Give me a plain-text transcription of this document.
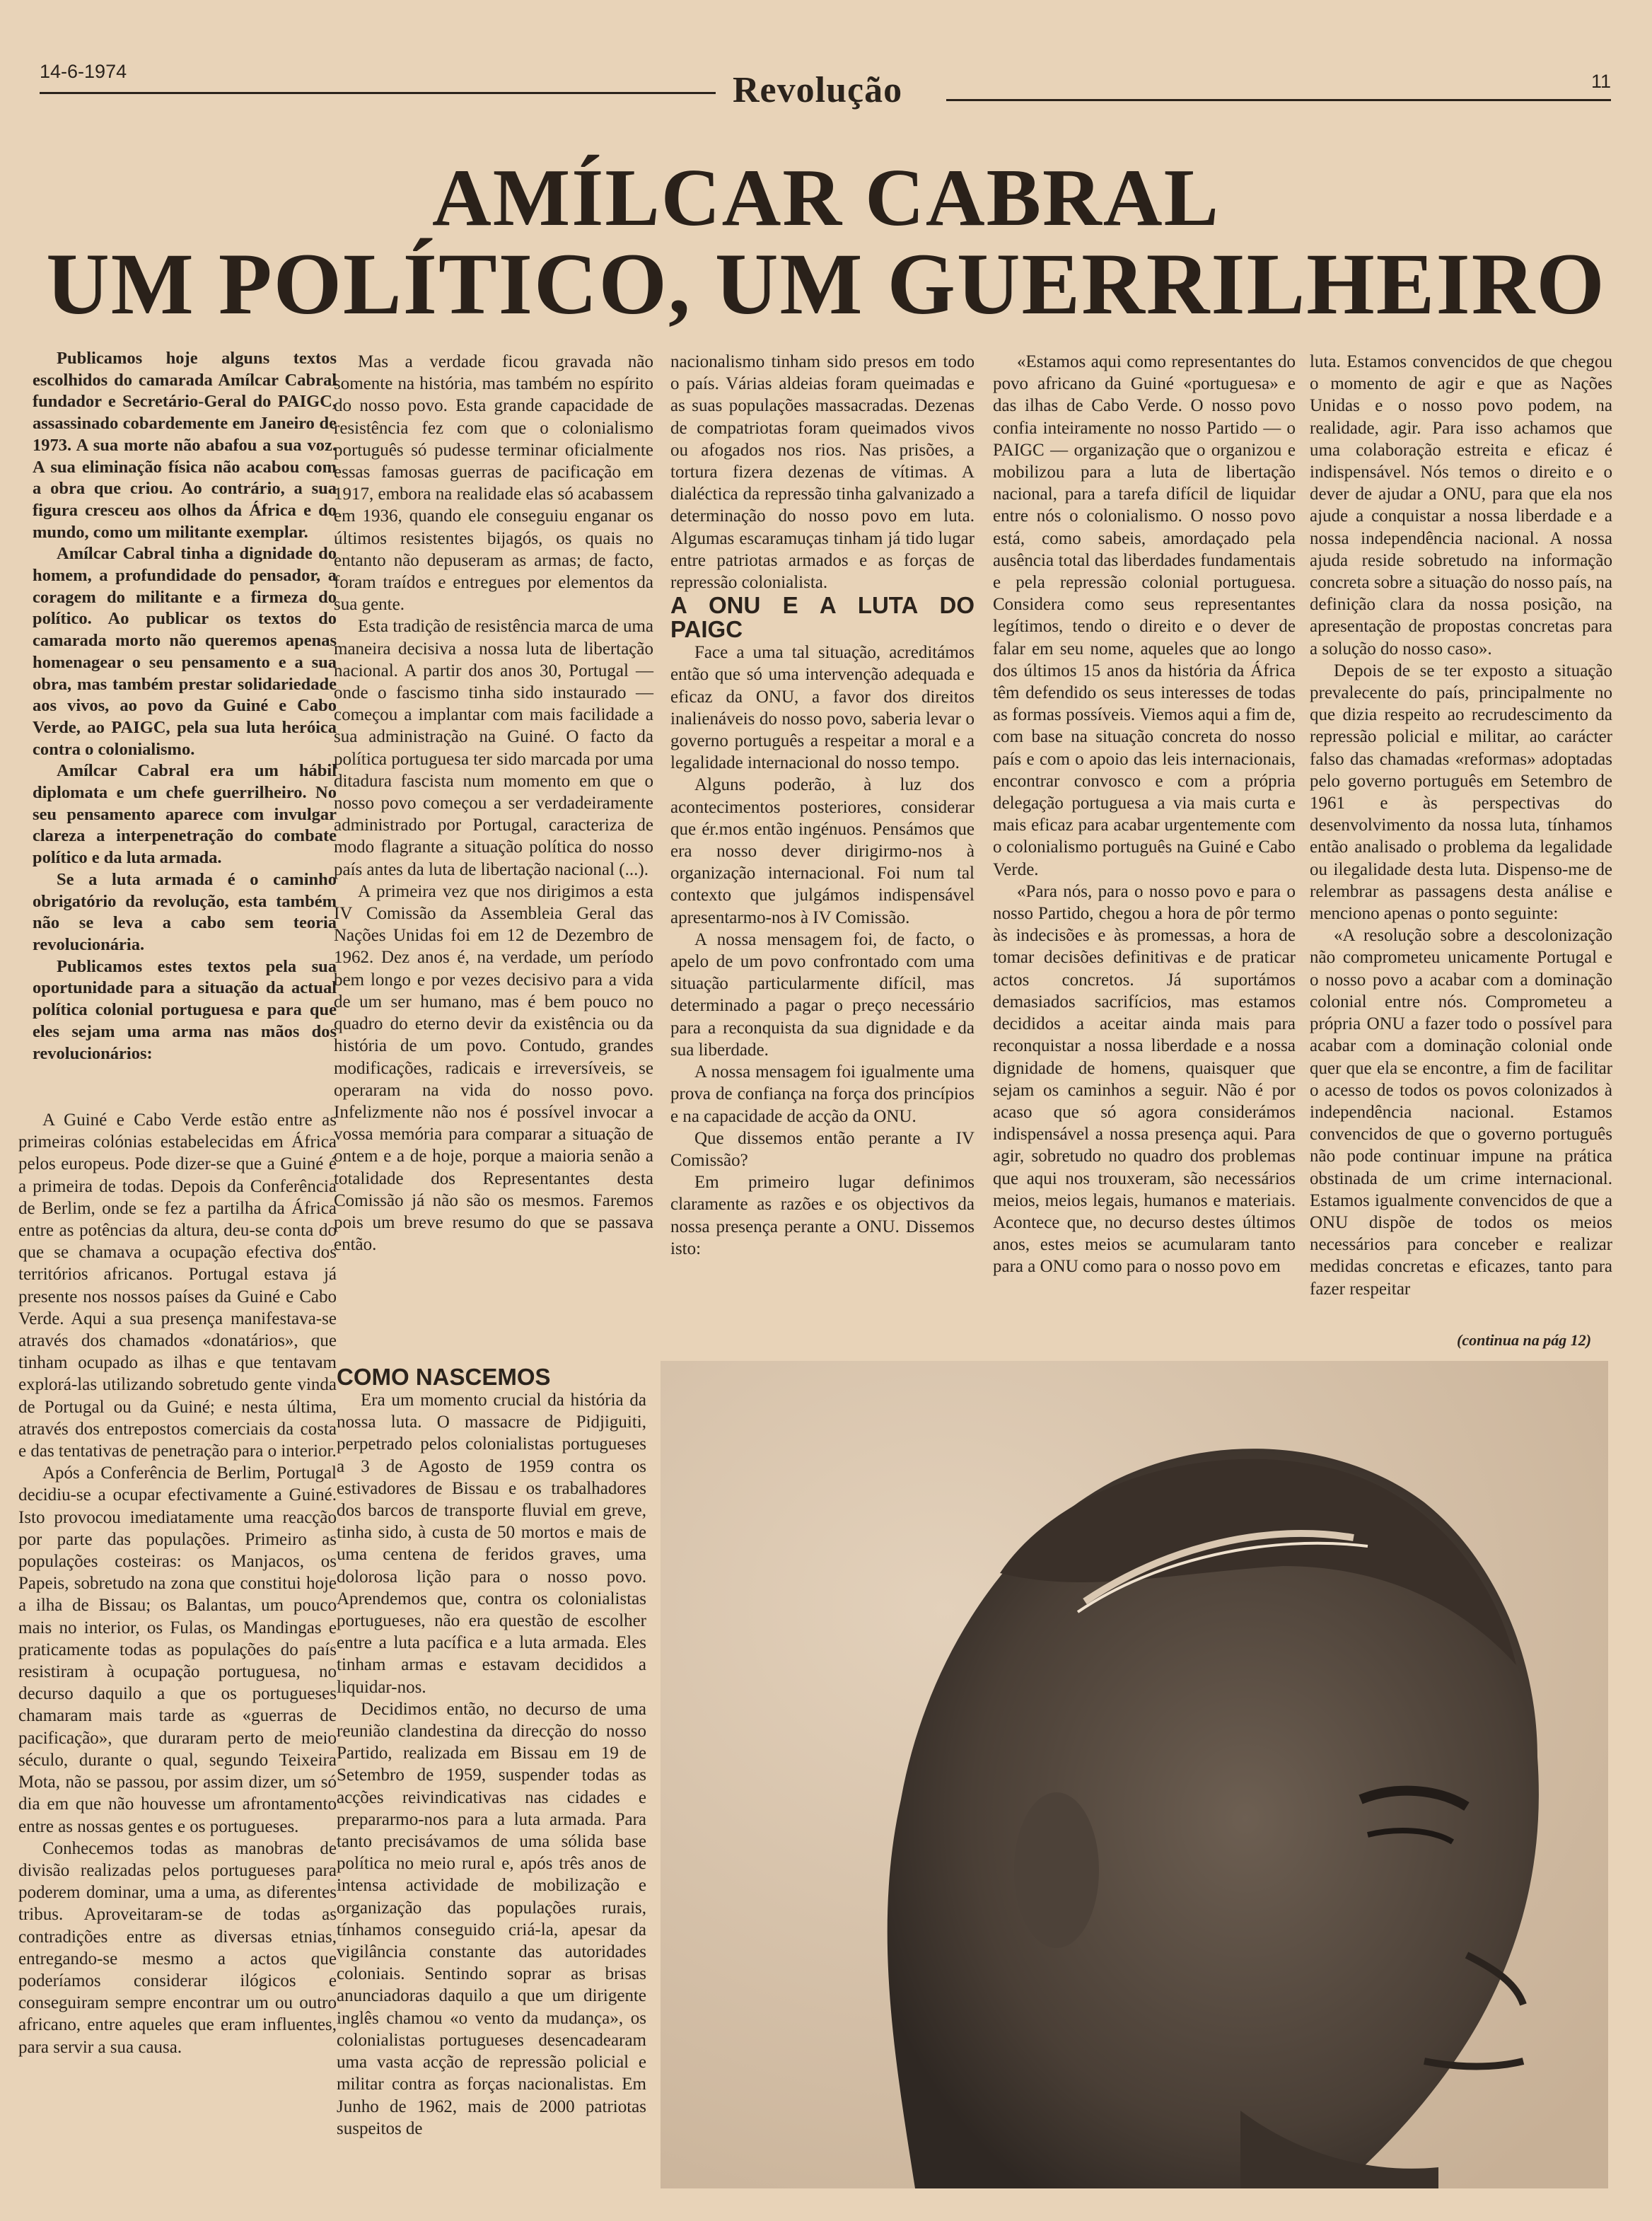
14-6-1974	Revolução	11
AMÍLCAR CABRAL
UM POLÍTICO, UM GUERRILHEIRO

Publicamos hoje alguns textos escolhidos do camarada Amílcar Cabral fundador e Secretário-Geral do PAIGC, assassinado cobardemente em Janeiro de 1973. A sua morte não abafou a sua voz. A sua eliminação física não acabou com a obra que criou. Ao contrário, a sua figura cresceu aos olhos da África e do mundo, como um militante exemplar.

Amílcar Cabral tinha a dignidade do homem, a profundidade do pensador, a coragem do militante e a firmeza do político. Ao publicar os textos do camarada morto não queremos apenas homenagear o seu pensamento e a sua obra, mas também prestar solidariedade aos vivos, ao povo da Guiné e Cabo Verde, ao PAIGC, pela sua luta heróica contra o colonialismo.

Amílcar Cabral era um hábil diplomata e um chefe guerrilheiro. No seu pensamento aparece com invulgar clareza a interpenetração do combate político e da luta armada.

Se a luta armada é o caminho obrigatório da revolução, esta também não se leva a cabo sem teoria revolucionária.

Publicamos estes textos pela sua oportunidade para a situação da actual política colonial portuguesa e para que eles sejam uma arma nas mãos dos revolucionários:

A Guiné e Cabo Verde estão entre as primeiras colónias estabelecidas em África pelos europeus. Pode dizer-se que a Guiné é a primeira de todas. Depois da Conferência de Berlim, onde se fez a partilha da África entre as potências da altura, deu-se conta do que se chamava a ocupação efectiva dos territórios africanos. Portugal estava já presente nos nossos países da Guiné e Cabo Verde. Aqui a sua presença manifestava-se através dos chamados «donatários», que tinham ocupado as ilhas e que tentavam explorá-las utilizando sobretudo gente vinda de Portugal ou da Guiné; e nesta última, através dos entrepostos comerciais da costa e das tentativas de penetração para o interior.

Após a Conferência de Berlim, Portugal decidiu-se a ocupar efectivamente a Guiné. Isto provocou imediatamente uma reacção por parte das populações. Primeiro as populações costeiras: os Manjacos, os Papeis, sobretudo na zona que constitui hoje a ilha de Bissau; os Balantas, um pouco mais no interior, os Fulas, os Mandingas e praticamente todas as populações do país resistiram à ocupação portuguesa, no decurso daquilo a que os portugueses chamaram mais tarde as «guerras de pacificação», que duraram perto de meio século, durante o qual, segundo Teixeira Mota, não se passou, por assim dizer, um só dia em que não houvesse um afrontamento entre as nossas gentes e os portugueses.

Conhecemos todas as manobras de divisão realizadas pelos portugueses para poderem dominar, uma a uma, as diferentes tribus. Aproveitaram-se de todas as contradições entre as diversas etnias, entregando-se mesmo a actos que poderíamos considerar ilógicos e conseguiram sempre encontrar um ou outro africano, entre aqueles que eram influentes, para servir a sua causa.

Mas a verdade ficou gravada não somente na história, mas também no espírito do nosso povo. Esta grande capacidade de resistência fez com que o colonialismo português só pudesse terminar oficialmente essas famosas guerras de pacificação em 1917, embora na realidade elas só acabassem em 1936, quando ele conseguiu enganar os últimos resistentes bijagós, os quais no entanto não depuseram as armas; de facto, foram traídos e entregues por elementos da sua gente.

Esta tradição de resistência marca de uma maneira decisiva a nossa luta de libertação nacional. A partir dos anos 30, Portugal — onde o fascismo tinha sido instaurado — começou a implantar com mais facilidade a sua administração na Guiné. O facto da política portuguesa ter sido marcada por uma ditadura fascista num momento em que o nosso povo começou a ser verdadeiramente administrado por Portugal, caracteriza de modo flagrante a situação política do nosso país antes da luta de libertação nacional (...).

A primeira vez que nos dirigimos a esta IV Comissão da Assembleia Geral das Nações Unidas foi em 12 de Dezembro de 1962. Dez anos é, na verdade, um período bem longo e por vezes decisivo para a vida de um ser humano, mas é bem pouco no quadro do eterno devir da existência ou da história de um povo. Contudo, grandes modificações, radicais e irreversíveis, se operaram na vida do nosso povo. Infelizmente não nos é possível invocar a vossa memória para comparar a situação de ontem e a de hoje, porque a maioria senão a totalidade dos Representantes desta Comissão já não são os mesmos. Faremos pois um breve resumo do que se passava então.

nacionalismo tinham sido presos em todo o país. Várias aldeias foram queimadas e as suas populações massacradas. Dezenas de compatriotas foram queimados vivos ou afogados nos rios. Nas prisões, a tortura fizera dezenas de vítimas. A dialéctica da repressão tinha galvanizado a determinação do nosso povo em luta. Algumas escaramuças tinham já tido lugar entre patriotas armados e as forças de repressão colonialista.

A ONU E A LUTA DO PAIGC

Face a uma tal situação, acreditámos então que só uma intervenção adequada e eficaz da ONU, a favor dos direitos inalienáveis do nosso povo, saberia levar o governo português a respeitar a moral e a legalidade internacional do nosso tempo.

Alguns poderão, à luz dos acontecimentos posteriores, considerar que ér.mos então ingénuos. Pensámos que era nosso dever dirigirmo-nos à organização internacional. Foi num tal contexto que julgámos indispensável apresentarmo-nos à IV Comissão.

A nossa mensagem foi, de facto, o apelo de um povo confrontado com uma situação particularmente difícil, mas determinado a pagar o preço necessário para a reconquista da sua dignidade e da sua liberdade.

A nossa mensagem foi igualmente uma prova de confiança na força dos princípios e na capacidade de acção da ONU.

Que dissemos então perante a IV Comissão?

Em primeiro lugar definimos claramente as razões e os objectivos da nossa presença perante a ONU. Dissemos isto:

«Estamos aqui como representantes do povo africano da Guiné «portuguesa» e das ilhas de Cabo Verde. O nosso povo confia inteiramente no nosso Partido — o PAIGC — organização que o organizou e mobilizou para a luta de libertação nacional, para a tarefa difícil de liquidar entre nós o colonialismo. O nosso povo está, como sabeis, amordaçado pela ausência total das liberdades fundamentais e pela repressão colonial portuguesa. Considera como seus representantes legítimos, tendo o direito e o dever de falar em seu nome, aqueles que ao longo dos últimos 15 anos da história da África têm defendido os seus interesses de todas as formas possíveis. Viemos aqui a fim de, com base na situação concreta do nosso país e com o apoio das leis internacionais, encontrar convosco e com a própria delegação portuguesa a via mais curta e mais eficaz para acabar urgentemente com o colonialismo português na Guiné e Cabo Verde.

«Para nós, para o nosso povo e para o nosso Partido, chegou a hora de pôr termo às indecisões e às promessas, a hora de tomar decisões definitivas e de praticar actos concretos. Já suportámos demasiados sacrifícios, mas estamos decididos a aceitar ainda mais para reconquistar a nossa liberdade e a nossa dignidade de homens, quaisquer que sejam os caminhos a seguir. Não é por acaso que só agora considerámos indispensável a nossa presença aqui. Para agir, sobretudo no quadro dos problemas que aqui nos trouxeram, são necessários meios, meios legais, humanos e materiais. Acontece que, no decurso destes últimos anos, estes meios se acumularam tanto para a ONU como para o nosso povo em

luta. Estamos convencidos de que chegou o momento de agir e que as Nações Unidas e o nosso povo podem, na realidade, agir. Para isso achamos que uma colaboração estreita e eficaz é indispensável. Nós temos o direito e o dever de ajudar a ONU, para que ela nos ajude a conquistar a nossa liberdade e a nossa independência nacional. A nossa ajuda reside sobretudo na informação concreta sobre a situação do nosso país, na definição clara da nossa posição, na apresentação de propostas concretas para a solução do nosso caso».

Depois de se ter exposto a situação prevalecente do país, principalmente no que dizia respeito ao recrudescimento da repressão policial e militar, ao carácter falso das chamadas «reformas» adoptadas pelo governo português em Setembro de 1961 e às perspectivas do desenvolvimento da nossa luta, tínhamos então analisado o problema da legalidade ou ilegalidade desta luta. Dispenso-me de relembrar as passagens desta análise e menciono apenas o ponto seguinte:

«A resolução sobre a descolonização não comprometeu unicamente Portugal e o nosso povo a acabar com a dominação colonial entre nós. Comprometeu a própria ONU a fazer todo o possível para acabar com a dominação colonial onde quer que ela se encontre, a fim de facilitar o acesso de todos os povos colonizados à independência nacional. Estamos convencidos de que o governo português não pode continuar impune na prática obstinada de um crime internacional. Estamos igualmente convencidos de que a ONU dispõe de todos os meios necessários para conceber e realizar medidas concretas e eficazes, tanto para fazer respeitar

(continua na pág 12)

COMO NASCEMOS

Era um momento crucial da história da nossa luta. O massacre de Pidjiguiti, perpetrado pelos colonialistas portugueses a 3 de Agosto de 1959 contra os estivadores de Bissau e os trabalhadores dos barcos de transporte fluvial em greve, tinha sido, à custa de 50 mortos e mais de uma centena de feridos graves, uma dolorosa lição para o nosso povo. Aprendemos que, contra os colonialistas portugueses, não era questão de escolher entre a luta pacífica e a luta armada. Eles tinham armas e estavam decididos a liquidar-nos.

Decidimos então, no decurso de uma reunião clandestina da direcção do nosso Partido, realizada em Bissau em 19 de Setembro de 1959, suspender todas as acções reivindicativas nas cidades e prepararmo-nos para a luta armada. Para tanto precisávamos de uma sólida base política no meio rural e, após três anos de intensa actividade de mobilização e organização das populações rurais, tínhamos conseguido criá-la, apesar da vigilância constante das autoridades coloniais. Sentindo soprar as brisas anunciadoras daquilo a que um dirigente inglês chamou «o vento da mudança», os colonialistas portugueses desencadearam uma vasta acção de repressão policial e militar contra as forças nacionalistas. Em Junho de 1962, mais de 2000 patriotas suspeitos de
